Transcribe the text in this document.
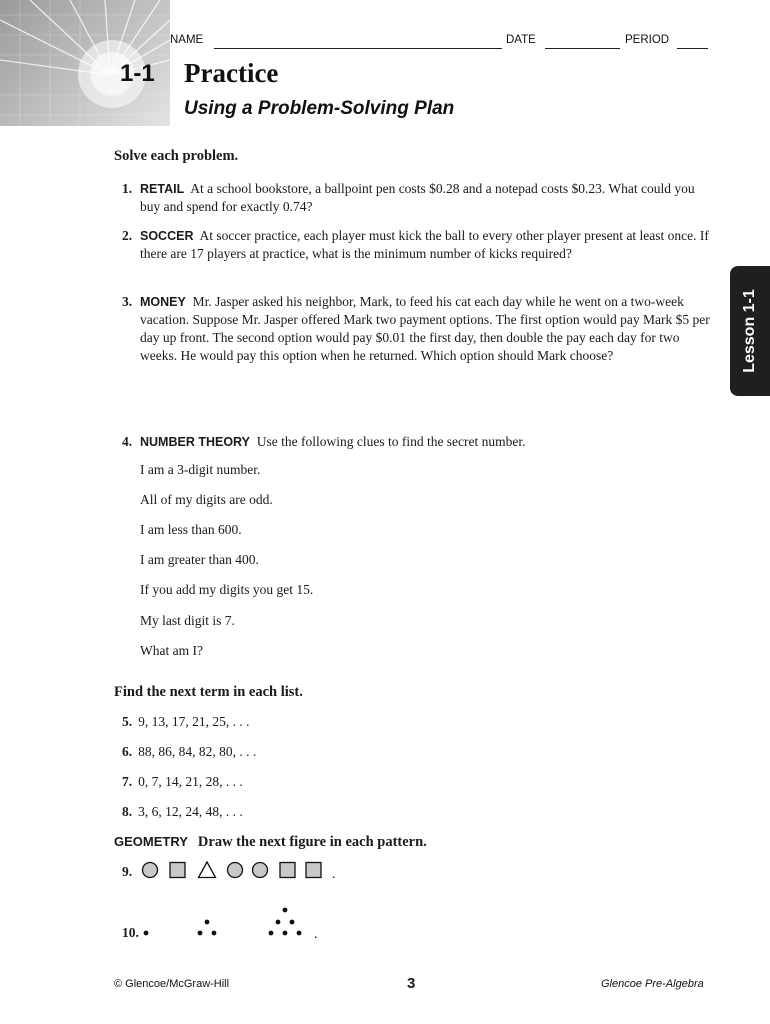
1-1
NAME	DATE	PERIOD
Practice
Using a Problem-Solving Plan
Solve each problem.
1. RETAIL At a school bookstore, a ballpoint pen costs $0.28 and a notepad costs $0.23. What could you buy and spend for exactly 0.74?
2. SOCCER At soccer practice, each player must kick the ball to every other player present at least once. If there are 17 players at practice, what is the minimum number of kicks required?
3. MONEY Mr. Jasper asked his neighbor, Mark, to feed his cat each day while he went on a two-week vacation. Suppose Mr. Jasper offered Mark two payment options. The first option would pay Mark $5 per day up front. The second option would pay $0.01 the first day, then double the pay each day for two weeks. He would pay this option when he returned. Which option should Mark choose?
4. NUMBER THEORY Use the following clues to find the secret number.
I am a 3-digit number.
All of my digits are odd.
I am less than 600.
I am greater than 400.
If you add my digits you get 15.
My last digit is 7.
What am I?
Lesson 1-1
Find the next term in each list.
5. 9, 13, 17, 21, 25, . . .
6. 88, 86, 84, 82, 80, . . .
7. 0, 7, 14, 21, 28, . . .
8. 3, 6, 12, 24, 48, . . .
GEOMETRY Draw the next figure in each pattern.
9.	.
10.	.
© Glencoe/McGraw-Hill	3	Glencoe Pre-Algebra
